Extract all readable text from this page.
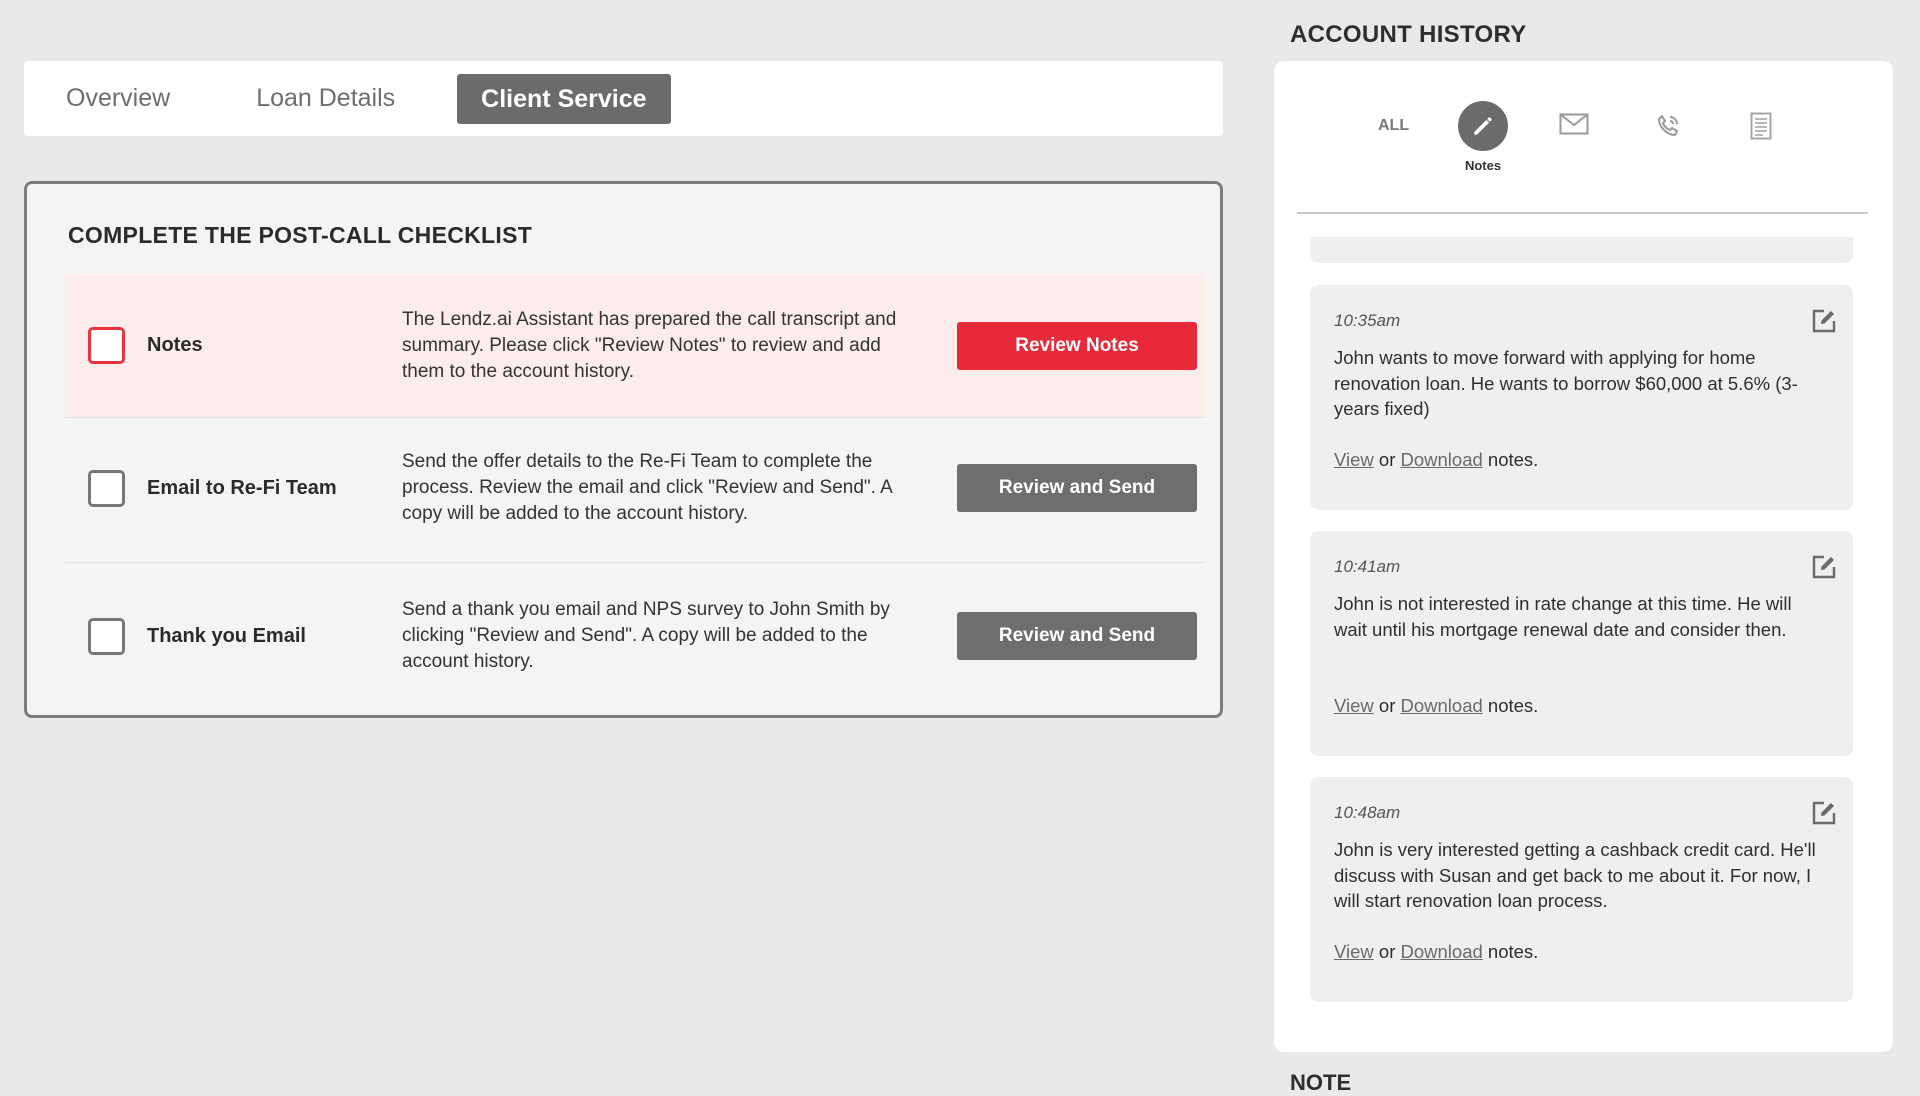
Overview	Loan Details	Client Service
COMPLETE THE POST-CALL CHECKLIST
Notes
The Lendz.ai Assistant has prepared the call transcript and summary. Please click "Review Notes" to review and add them to the account history.
Review Notes
Email to Re-Fi Team
Send the offer details to the Re-Fi Team to complete the process. Review the email and click "Review and Send". A copy will be added to the account history.
Review and Send
Thank you Email
Send a thank you email and NPS survey to John Smith by clicking "Review and Send". A copy will be added to the account history.
Review and Send
ACCOUNT HISTORY
ALL
Notes
10:35am
John wants to move forward with applying for home renovation loan. He wants to borrow $60,000 at 5.6% (3-years fixed)
View or Download notes.
10:41am
John is not interested in rate change at this time. He will wait until his mortgage renewal date and consider then.
View or Download notes.
10:48am
John is very interested getting a cashback credit card. He'll discuss with Susan and get back to me about it. For now, I will start renovation loan process.
View or Download notes.
NOTE
